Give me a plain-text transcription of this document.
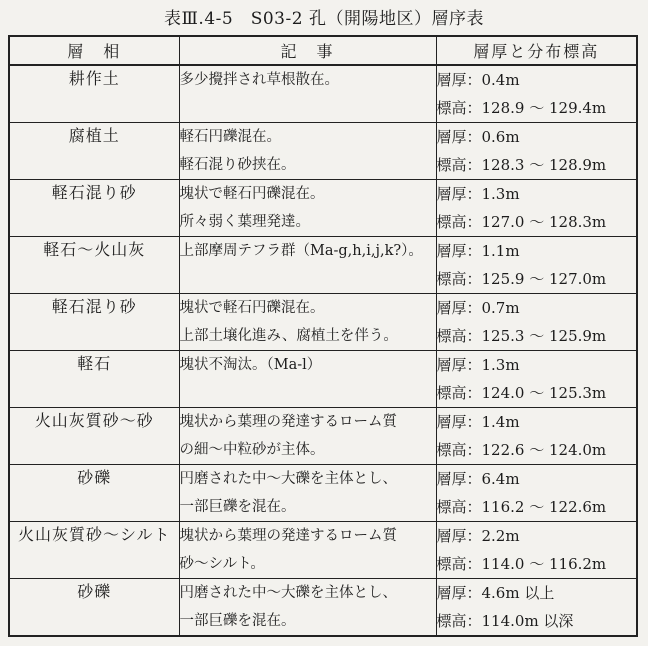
表Ⅲ.4-5　S03-2 孔（開陽地区）層序表
層　相	記　事	層厚と分布標高
耕作土	多少攪拌され草根散在。	層厚：0.4m
標高：128.9 ～ 129.4m

腐植土	軽石円礫混在。
軽石混り砂挟在。	層厚：0.6m
標高：128.3 ～ 128.9m

軽石混り砂	塊状で軽石円礫混在。
所々弱く葉理発達。	層厚：1.3m
標高：127.0 ～ 128.3m

軽石～火山灰	上部摩周テフラ群（Ma-g,h,i,j,k?）。	層厚：1.1m
標高：125.9 ～ 127.0m

軽石混り砂	塊状で軽石円礫混在。
上部土壌化進み、腐植土を伴う。	層厚：0.7m
標高：125.3 ～ 125.9m

軽石	塊状不淘汰。（Ma-l）	層厚：1.3m
標高：124.0 ～ 125.3m

火山灰質砂～砂	塊状から葉理の発達するローム質
の細～中粒砂が主体。	層厚：1.4m
標高：122.6 ～ 124.0m

砂礫	円磨された中～大礫を主体とし、
一部巨礫を混在。	層厚：6.4m
標高：116.2 ～ 122.6m

火山灰質砂～シルト	塊状から葉理の発達するローム質
砂～シルト。	層厚：2.2m
標高：114.0 ～ 116.2m

砂礫	円磨された中～大礫を主体とし、
一部巨礫を混在。	層厚：4.6m 以上
標高：114.0m 以深
